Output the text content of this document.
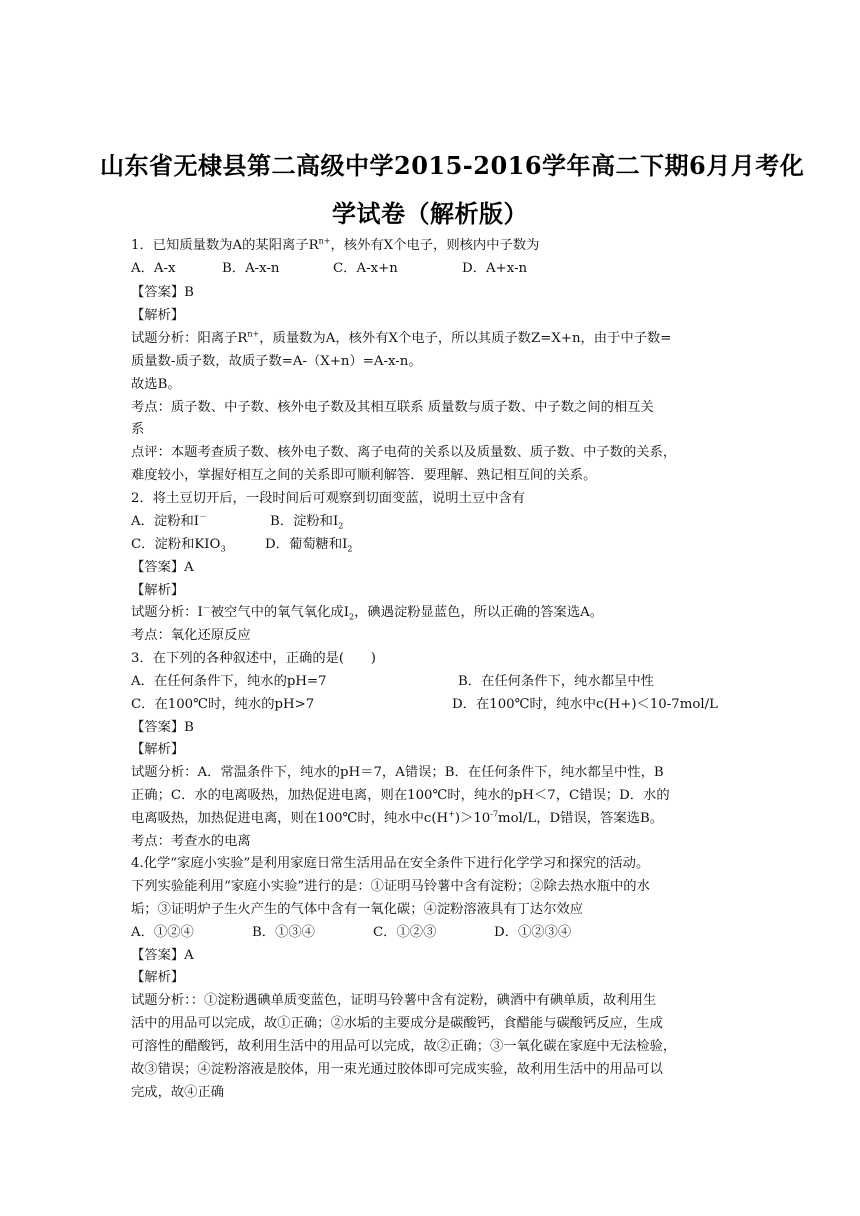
山东省无棣县第二高级中学2015-2016学年高二下期6月月考化
学试卷（解析版）
1．已知质量数为A的某阳离子$R^{n+}$，核外有X个电子，则核内中子数为
A．A-x	B．A-x-n	C．A-x+n	D．A+x-n
【答案】B
【解析】
试题分析：阳离子$R^{n+}$，质量数为A，核外有X个电子，所以其质子数Z=X+n，由于中子数=
质量数-质子数，故质子数=A-（X+n）=A-x-n。
故选B。
考点：质子数、中子数、核外电子数及其相互联系 质量数与质子数、中子数之间的相互关
系
点评：本题考查质子数、核外电子数、离子电荷的关系以及质量数、质子数、中子数的关系，
难度较小，掌握好相互之间的关系即可顺利解答．要理解、熟记相互间的关系。
2．将土豆切开后，一段时间后可观察到切面变蓝，说明土豆中含有
A．淀粉和I－	B．淀粉和$I_2$
C．淀粉和$KIO_3$	D．葡萄糖和$I_2$
【答案】A
【解析】
试题分析：I－被空气中的氧气氧化成$I_2$，碘遇淀粉显蓝色，所以正确的答案选A。
考点：氧化还原反应
3．在下列的各种叙述中，正确的是(　　)
A．在任何条件下，纯水的pH=7	B．在任何条件下，纯水都呈中性
C．在100℃时，纯水的pH>7	D．在100℃时，纯水中c(H+)＜10-7mol/L
【答案】B
【解析】
试题分析：A．常温条件下，纯水的pH＝7，A错误；B．在任何条件下，纯水都呈中性，B
正确；C．水的电离吸热，加热促进电离，则在100℃时，纯水的pH＜7，C错误；D．水的
电离吸热，加热促进电离，则在100℃时，纯水中$c(H^+)>10^{-7}mol/L$，D错误，答案选B。
考点：考查水的电离
4.化学“家庭小实验”是利用家庭日常生活用品在安全条件下进行化学学习和探究的活动。
下列实验能利用“家庭小实验”进行的是：①证明马铃薯中含有淀粉；②除去热水瓶中的水
垢；③证明炉子生火产生的气体中含有一氧化碳；④淀粉溶液具有丁达尔效应
A．①②④	B．①③④	C．①②③	D．①②③④
【答案】A
【解析】
试题分析：：①淀粉遇碘单质变蓝色，证明马铃薯中含有淀粉，碘酒中有碘单质，故利用生
活中的用品可以完成，故①正确；②水垢的主要成分是碳酸钙，食醋能与碳酸钙反应，生成
可溶性的醋酸钙，故利用生活中的用品可以完成，故②正确；③一氧化碳在家庭中无法检验，
故③错误；④淀粉溶液是胶体，用一束光通过胶体即可完成实验，故利用生活中的用品可以
完成，故④正确
